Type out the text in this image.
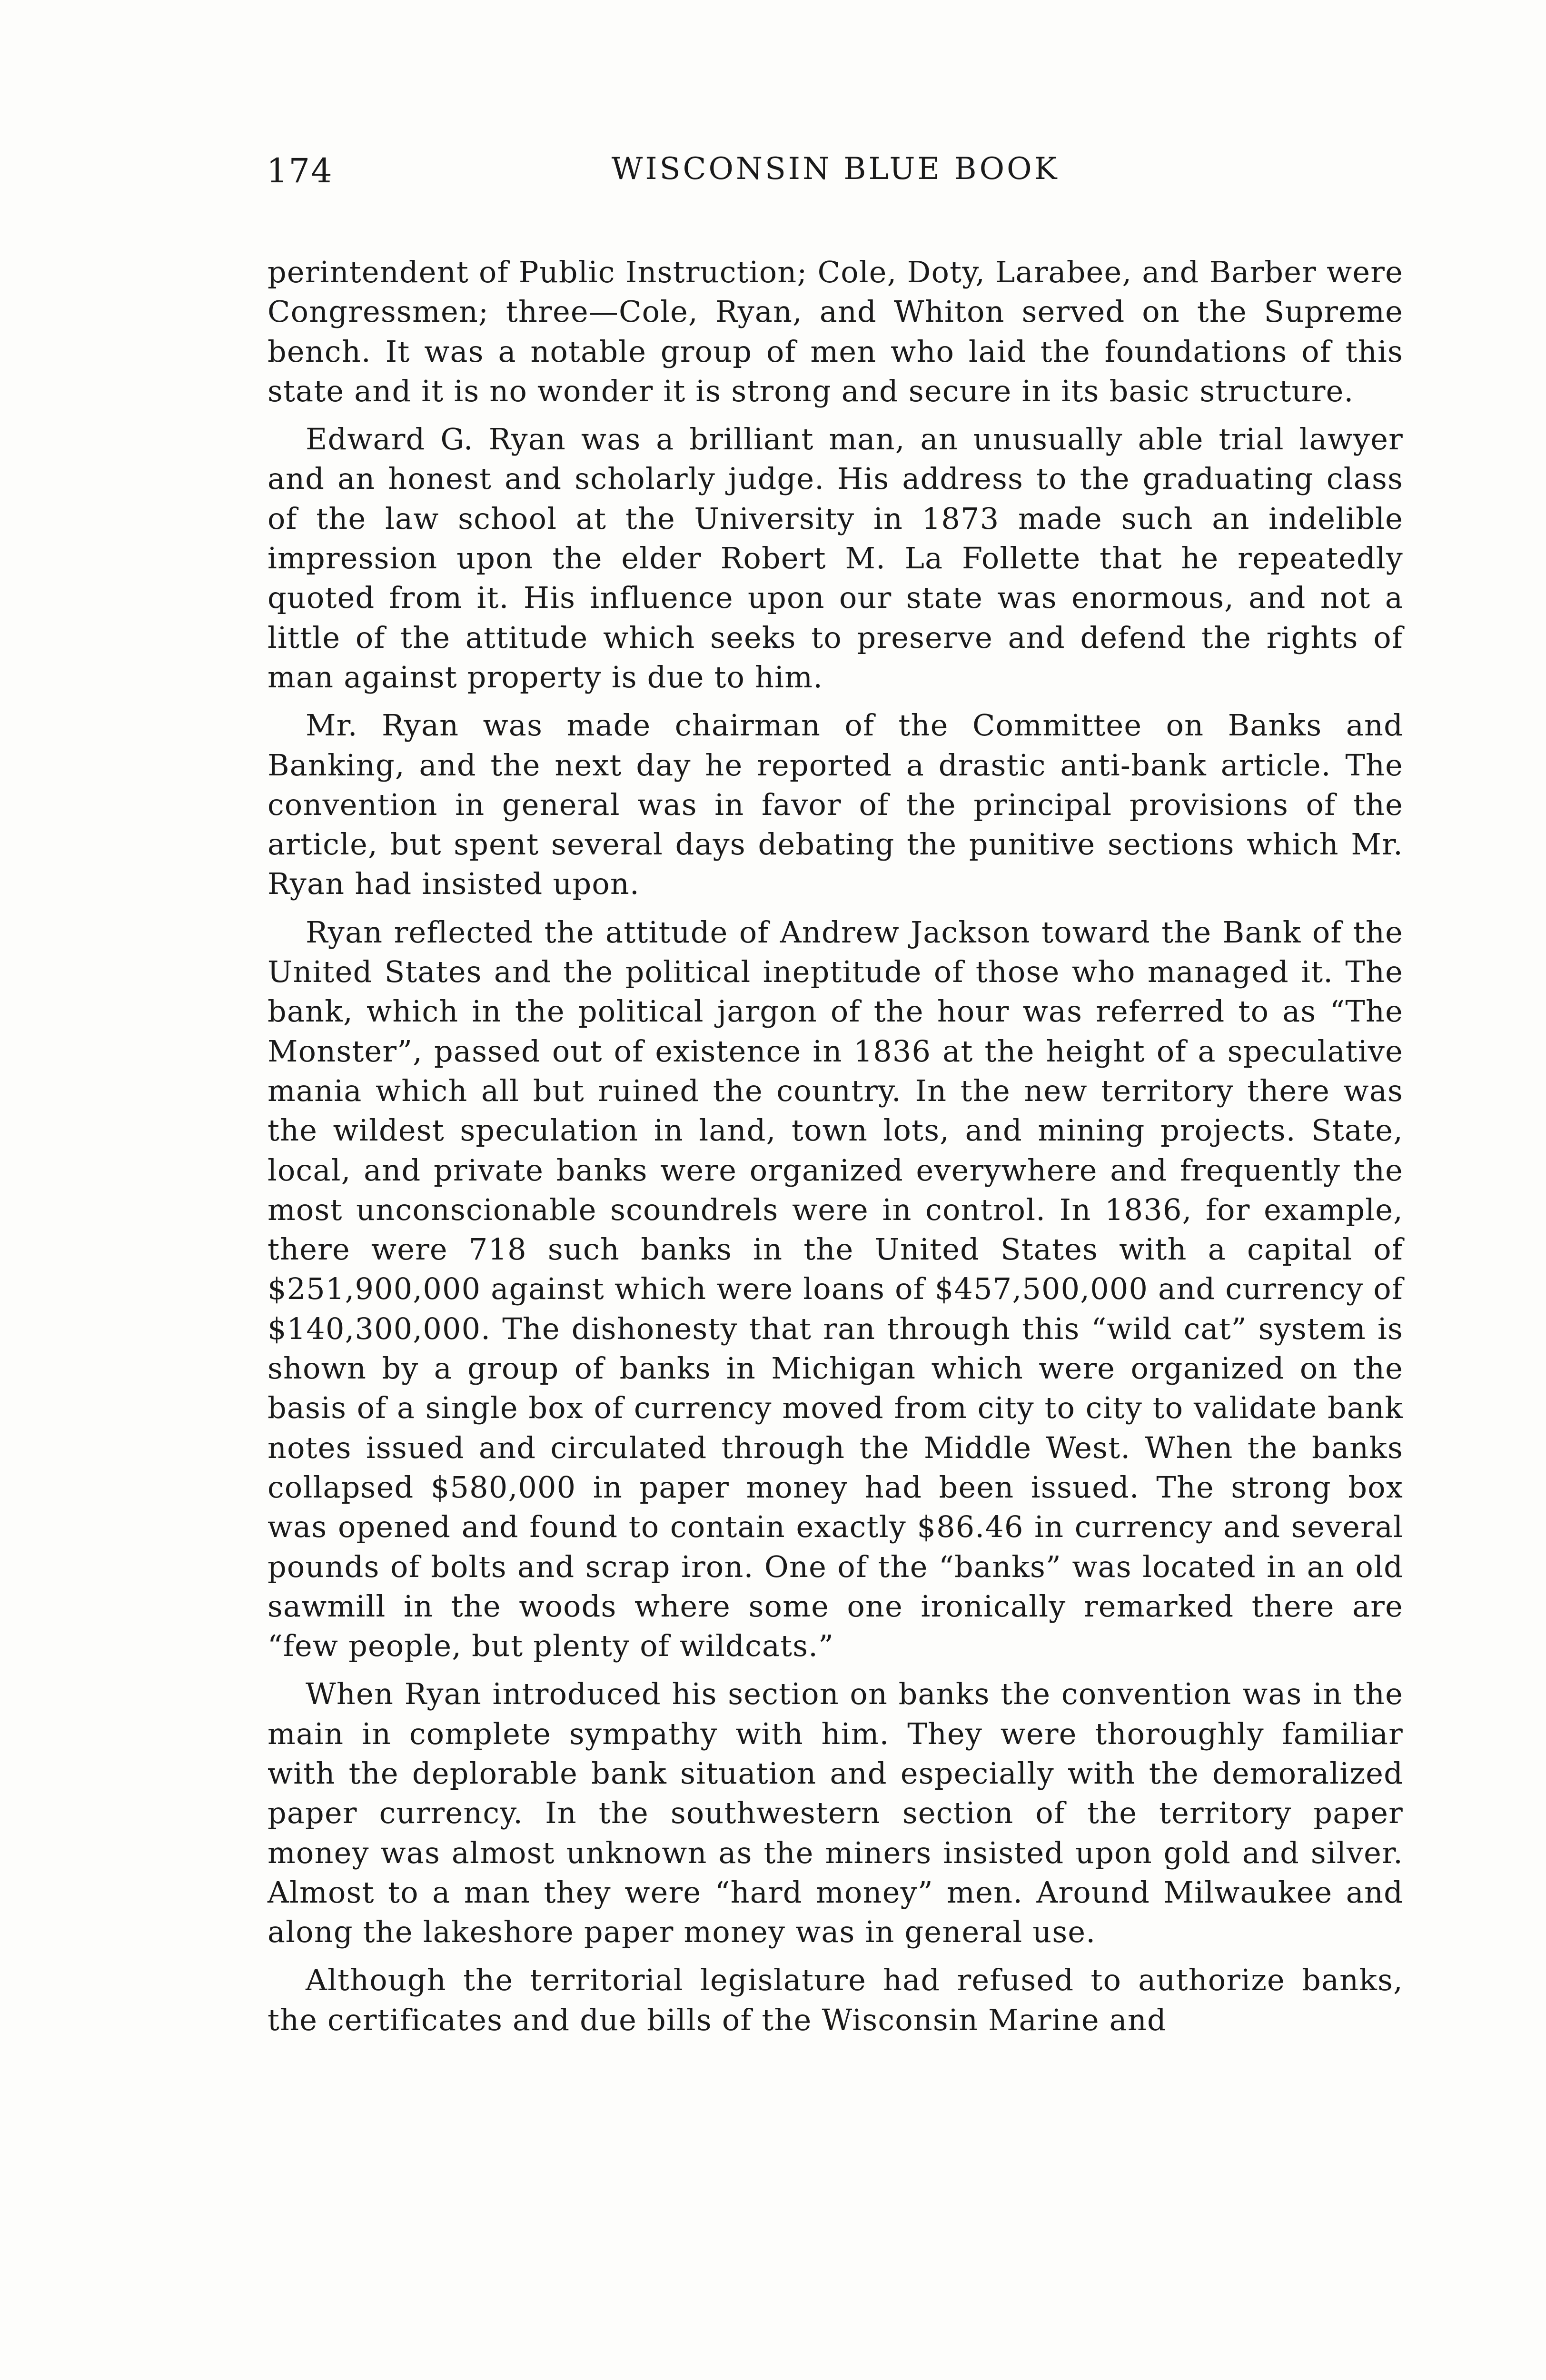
174	WISCONSIN BLUE BOOK

perintendent of Public Instruction; Cole, Doty, Larabee, and Barber were Congressmen; three—Cole, Ryan, and Whiton served on the Supreme bench. It was a notable group of men who laid the foundations of this state and it is no wonder it is strong and secure in its basic structure.

Edward G. Ryan was a brilliant man, an unusually able trial lawyer and an honest and scholarly judge. His address to the graduating class of the law school at the University in 1873 made such an indelible impression upon the elder Robert M. La Follette that he repeatedly quoted from it. His influence upon our state was enormous, and not a little of the attitude which seeks to preserve and defend the rights of man against property is due to him.

Mr. Ryan was made chairman of the Committee on Banks and Banking, and the next day he reported a drastic anti-bank article. The convention in general was in favor of the principal provisions of the article, but spent several days debating the punitive sections which Mr. Ryan had insisted upon.

Ryan reflected the attitude of Andrew Jackson toward the Bank of the United States and the political ineptitude of those who managed it. The bank, which in the political jargon of the hour was referred to as “The Monster”, passed out of existence in 1836 at the height of a speculative mania which all but ruined the country. In the new territory there was the wildest speculation in land, town lots, and mining projects. State, local, and private banks were organized everywhere and frequently the most unconscionable scoundrels were in control. In 1836, for example, there were 718 such banks in the United States with a capital of $251,900,000 against which were loans of $457,500,000 and currency of $140,300,000. The dishonesty that ran through this “wild cat” system is shown by a group of banks in Michigan which were organized on the basis of a single box of currency moved from city to city to validate bank notes issued and circulated through the Middle West. When the banks collapsed $580,000 in paper money had been issued. The strong box was opened and found to contain exactly $86.46 in currency and several pounds of bolts and scrap iron. One of the “banks” was located in an old sawmill in the woods where some one ironically remarked there are “few people, but plenty of wildcats.”

When Ryan introduced his section on banks the convention was in the main in complete sympathy with him. They were thoroughly familiar with the deplorable bank situation and especially with the demoralized paper currency. In the southwestern section of the territory paper money was almost unknown as the miners insisted upon gold and silver. Almost to a man they were “hard money” men. Around Milwaukee and along the lakeshore paper money was in general use.

Although the territorial legislature had refused to authorize banks, the certificates and due bills of the Wisconsin Marine and
